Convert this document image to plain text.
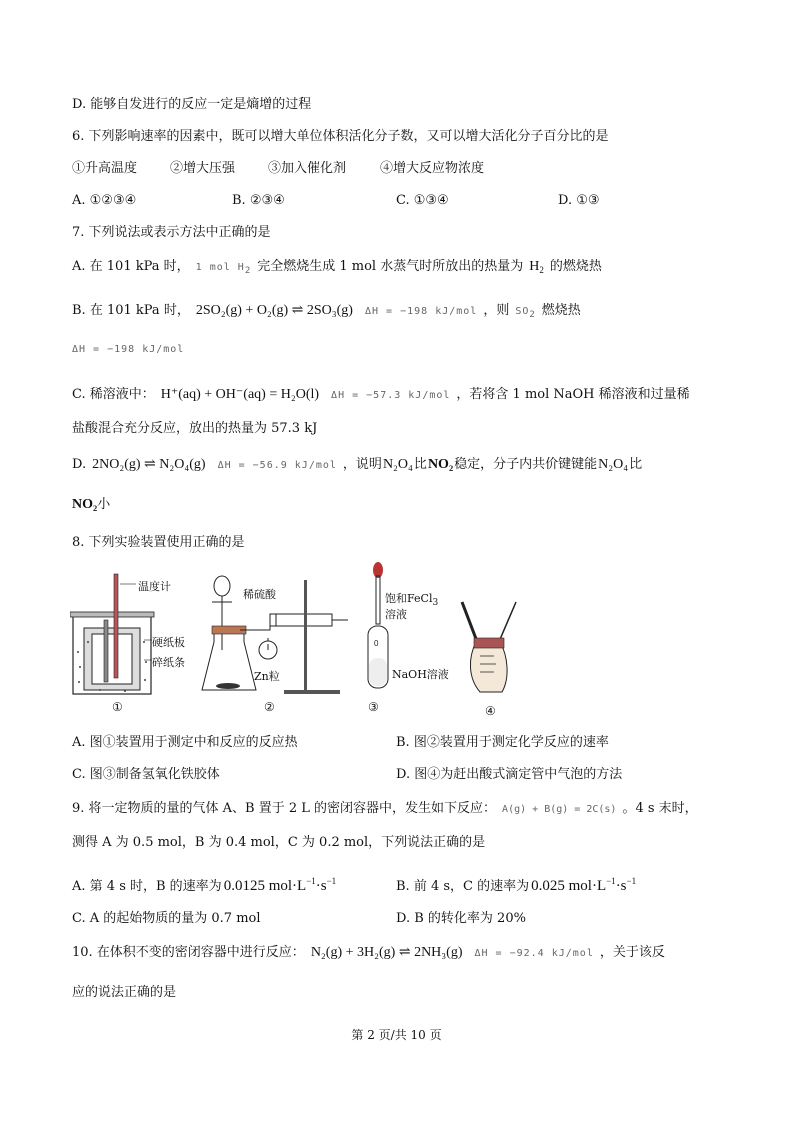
D. 能够自发进行的反应一定是熵增的过程
6. 下列影响速率的因素中，既可以增大单位体积活化分子数，又可以增大活化分子百分比的是
①升高温度	②增大压强	③加入催化剂	④增大反应物浓度
A. ①②③④	B. ②③④	C. ①③④	D. ①③
7. 下列说法或表示方法中正确的是
A. 在 101 kPa 时， 1 mol H2 完全燃烧生成 1 mol 水蒸气时所放出的热量为 $H_2$ 的燃烧热
B. 在 101 kPa 时， 2SO₂(g) + O₂(g) ⇌ 2SO₃(g) ΔH = −198 kJ/mol ，则 SO2 燃烧热
ΔH = −198 kJ/mol
C. 稀溶液中： H⁺(aq) + OH⁻(aq) = H₂O(l) ΔH = −57.3 kJ/mol ，若将含 1 mol NaOH 稀溶液和过量稀
盐酸混合充分反应，放出的热量为 57.3 kJ
D. 2NO₂(g) ⇌ N₂O₄(g) ΔH = −56.9 kJ/mol ，说明N₂O₄比NO₂稳定，分子内共价键键能N₂O₄比
NO₂小
8. 下列实验装置使用正确的是
温度计
硬纸板
碎纸条
①
稀硫酸
Zn粒
②
0
饱和FeCl$_3$
溶液
NaOH溶液
③	④
A. 图①装置用于测定中和反应的反应热	B. 图②装置用于测定化学反应的速率
C. 图③制备氢氧化铁胶体	D. 图④为赶出酸式滴定管中气泡的方法
9. 将一定物质的量的气体 A、B 置于 2 L 的密闭容器中，发生如下反应： A(g) + B(g) = 2C(s) 。4 s 末时，
测得 A 为 0.5 mol，B 为 0.4 mol，C 为 0.2 mol，下列说法正确的是
A. 第 4 s 时，B 的速率为 0.0125 $mol\cdot L^{-1}\cdot s^{-1}$	B. 前 4 s，C 的速率为 0.025 $mol\cdot L^{-1}\cdot s^{-1}$
C. A 的起始物质的量为 0.7 mol	D. B 的转化率为 20%
10. 在体积不变的密闭容器中进行反应： N₂(g) + 3H₂(g) ⇌ 2NH₃(g) ΔH = −92.4 kJ/mol ，关于该反
应的说法正确的是
第 2 页/共 10 页
